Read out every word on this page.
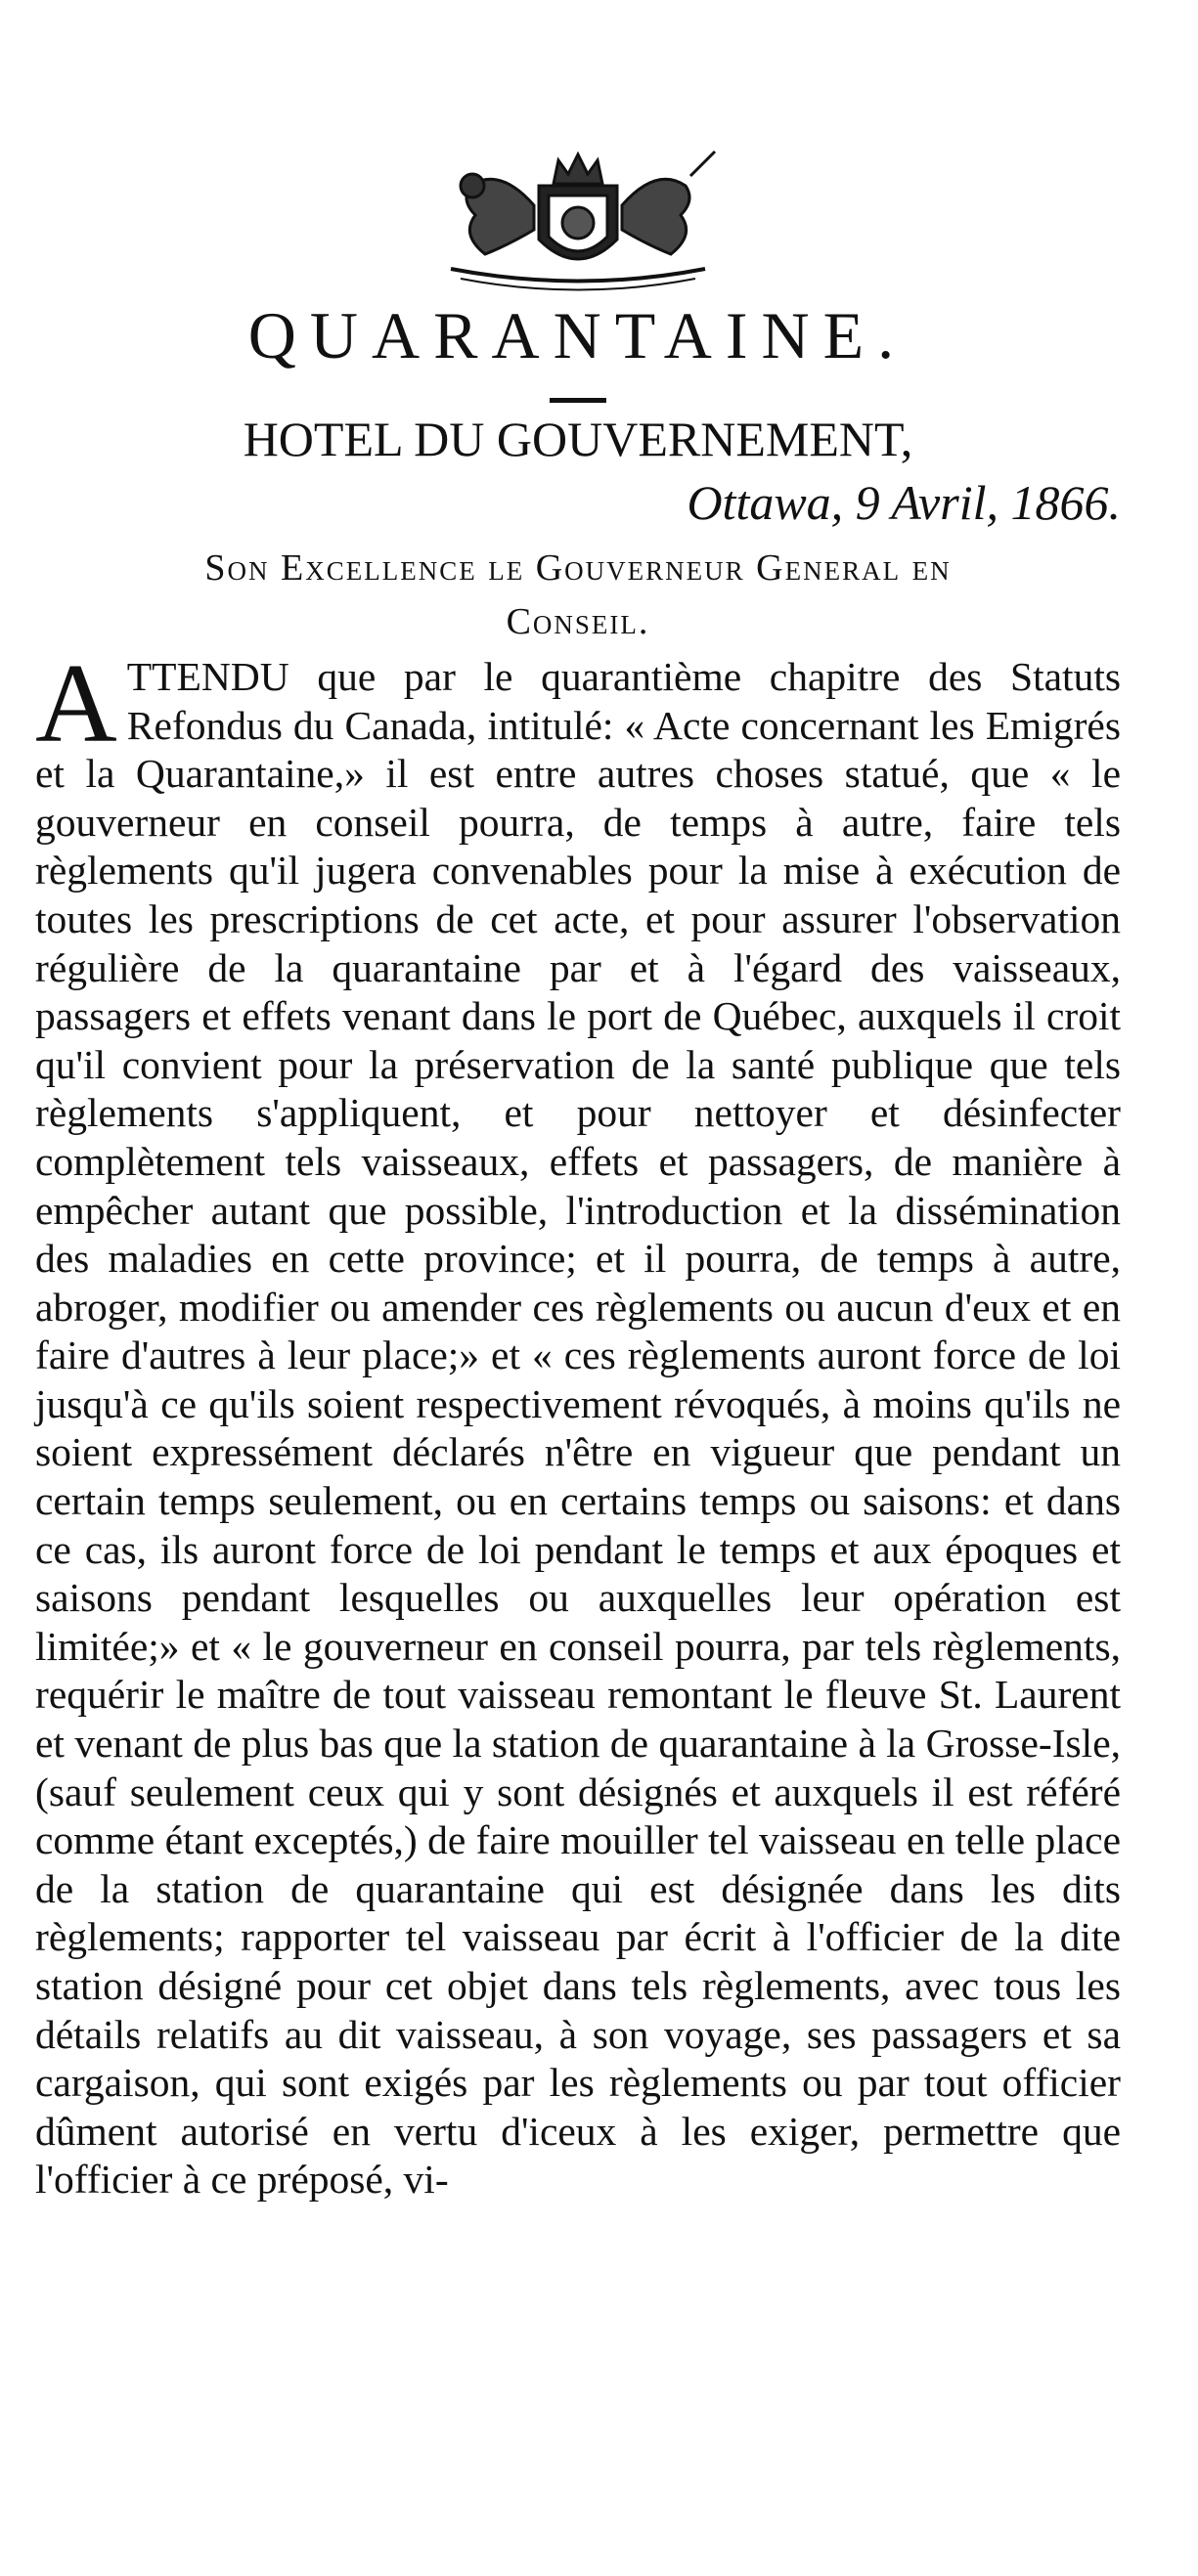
QUARANTAINE.

HOTEL DU GOUVERNEMENT,

Ottawa, 9 Avril, 1866.

Son Excellence le Gouverneur General en
Conseil.
A TTENDU que par le quarantième chapitre des Statuts Refondus du Canada, intitulé: « Acte concernant les Emigrés et la Quarantaine,» il est entre autres choses statué, que « le gouverneur en conseil pourra, de temps à autre, faire tels règlements qu'il jugera convenables pour la mise à exécution de toutes les prescriptions de cet acte, et pour assurer l'observation régulière de la quarantaine par et à l'égard des vaisseaux, passagers et effets venant dans le port de Québec, auxquels il croit qu'il convient pour la préservation de la santé publique que tels règlements s'appliquent, et pour nettoyer et désinfecter complètement tels vaisseaux, effets et passagers, de manière à empêcher autant que possible, l'introduction et la dissémination des maladies en cette province; et il pourra, de temps à autre, abroger, modifier ou amender ces règlements ou aucun d'eux et en faire d'autres à leur place;» et « ces règlements auront force de loi jusqu'à ce qu'ils soient respectivement révoqués, à moins qu'ils ne soient expressément déclarés n'être en vigueur que pendant un certain temps seulement, ou en certains temps ou saisons: et dans ce cas, ils auront force de loi pendant le temps et aux époques et saisons pendant lesquelles ou auxquelles leur opération est limitée;» et « le gouverneur en conseil pourra, par tels règlements, requérir le maître de tout vaisseau remontant le fleuve St. Laurent et venant de plus bas que la station de quarantaine à la Grosse-Isle, (sauf seulement ceux qui y sont désignés et auxquels il est référé comme étant exceptés,) de faire mouiller tel vaisseau en telle place de la station de quarantaine qui est désignée dans les dits règlements; rapporter tel vaisseau par écrit à l'officier de la dite station désigné pour cet objet dans tels règlements, avec tous les détails relatifs au dit vaisseau, à son voyage, ses passagers et sa cargaison, qui sont exigés par les règlements ou par tout officier dûment autorisé en vertu d'iceux à les exiger, permettre que l'officier à ce préposé, vi-
